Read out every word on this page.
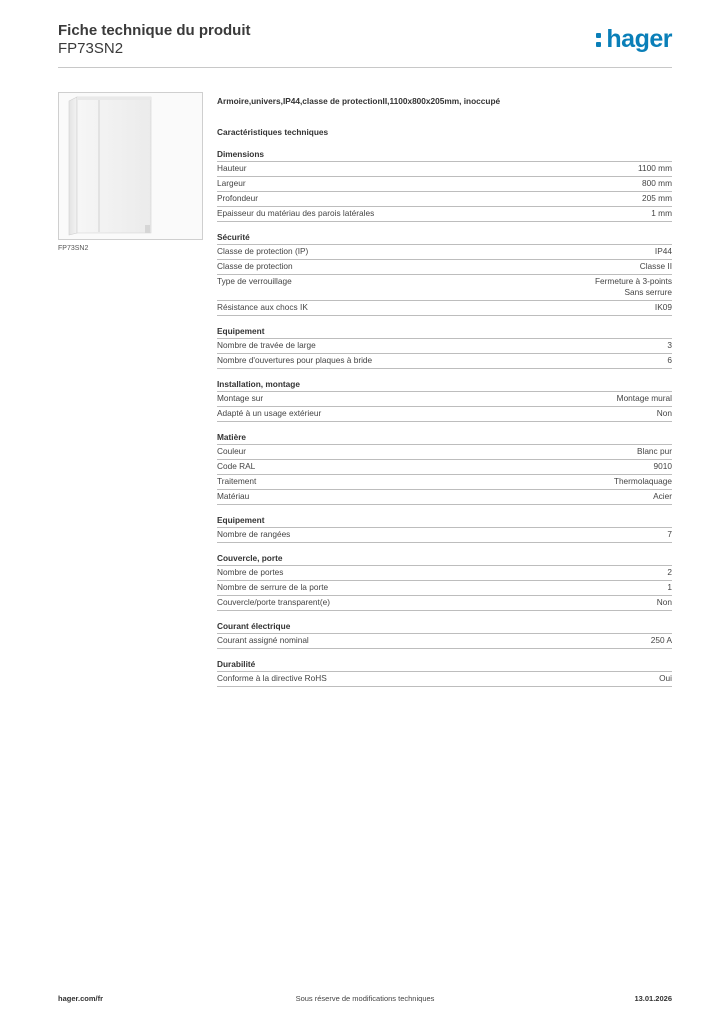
Fiche technique du produit
FP73SN2	hager
FP73SN2
Armoire,univers,IP44,classe de protectionII,1100x800x205mm, inoccupé
Caractéristiques techniques
Dimensions
Hauteur	1100 mm
Largeur	800 mm
Profondeur	205 mm
Epaisseur du matériau des parois latérales	1 mm
Sécurité
Classe de protection (IP)	IP44
Classe de protection	Classe II
Type de verrouillage	Fermeture à 3-points
Sans serrure
Résistance aux chocs IK	IK09
Equipement
Nombre de travée de large	3
Nombre d'ouvertures pour plaques à bride	6
Installation, montage
Montage sur	Montage mural
Adapté à un usage extérieur	Non
Matière
Couleur	Blanc pur
Code RAL	9010
Traitement	Thermolaquage
Matériau	Acier
Equipement
Nombre de rangées	7
Couvercle, porte
Nombre de portes	2
Nombre de serrure de la porte	1
Couvercle/porte transparent(e)	Non
Courant électrique
Courant assigné nominal	250 A
Durabilité
Conforme à la directive RoHS	Oui
hager.com/fr	Sous réserve de modifications techniques	13.01.2026
